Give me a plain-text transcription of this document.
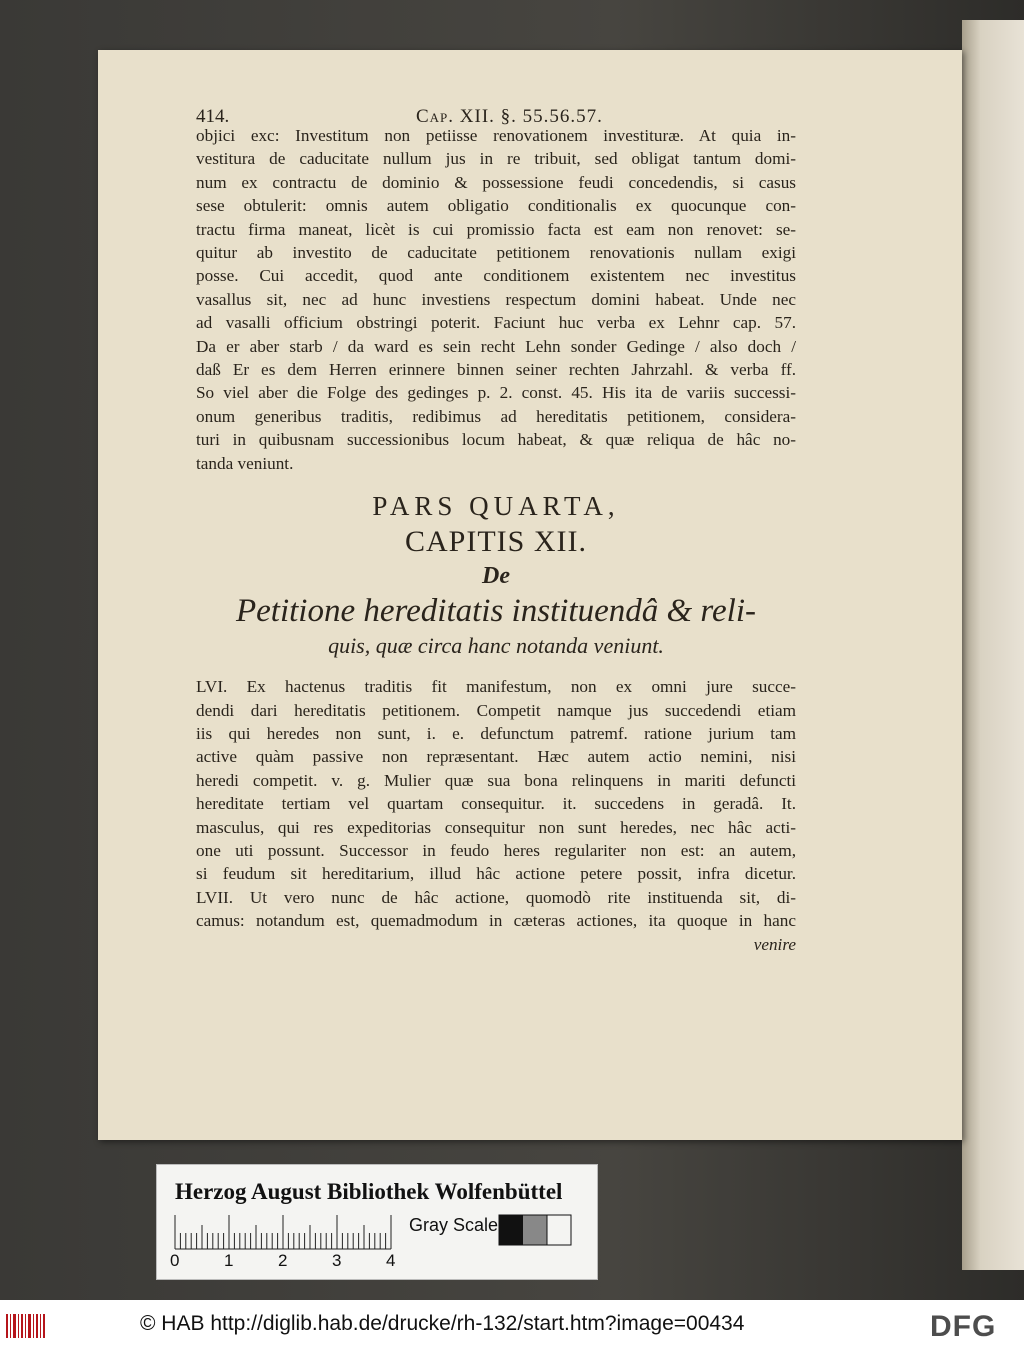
414.	Cap. XII. §. 55.56.57.

objici exc: Investitum non petiisse renovationem investituræ. At quia in-
vestitura de caducitate nullum jus in re tribuit, sed obligat tantum domi-
num ex contractu de dominio & possessione feudi concedendis, si casus
sese obtulerit: omnis autem obligatio conditionalis ex quocunque con-
tractu firma maneat, licèt is cui promissio facta est eam non renovet: se-
quitur ab investito de caducitate petitionem renovationis nullam exigi
posse. Cui accedit, quod ante conditionem existentem nec investitus
vasallus sit, nec ad hunc investiens respectum domini habeat. Unde nec
ad vasalli officium obstringi poterit. Faciunt huc verba ex Lehnr cap. 57.
Da er aber starb / da ward es sein recht Lehn sonder Gedinge / also doch /
daß Er es dem Herren erinnere binnen seiner rechten Jahrzahl. & verba ff.
So viel aber die Folge des gedinges p. 2. const. 45. His ita de variis successi-
onum generibus traditis, redibimus ad hereditatis petitionem, considera-
turi in quibusnam successionibus locum habeat, & quæ reliqua de hâc no-
tanda veniunt.

PARS QUARTA,
CAPITIS XII.
De
Petitione hereditatis instituendâ & reli-
quis, quæ circa hanc notanda veniunt.

LVI. Ex hactenus traditis fit manifestum, non ex omni jure succe-
dendi dari hereditatis petitionem. Competit namque jus succedendi etiam
iis qui heredes non sunt, i. e. defunctum patremf. ratione jurium tam
active quàm passive non repræsentant. Hæc autem actio nemini, nisi
heredi competit. v. g. Mulier quæ sua bona relinquens in mariti defuncti
hereditate tertiam vel quartam consequitur. it. succedens in geradâ. It.
masculus, qui res expeditorias consequitur non sunt heredes, nec hâc acti-
one uti possunt. Successor in feudo heres regulariter non est: an autem,
si feudum sit hereditarium, illud hâc actione petere possit, infra dicetur.
LVII. Ut vero nunc de hâc actione, quomodò rite instituenda sit, di-
camus: notandum est, quemadmodum in cæteras actiones, ita quoque in hanc
venire

Herzog August Bibliothek Wolfenbüttel
Gray Scale
0	1	2	3	4
© HAB http://diglib.hab.de/drucke/rh-132/start.htm?image=00434	DFG
